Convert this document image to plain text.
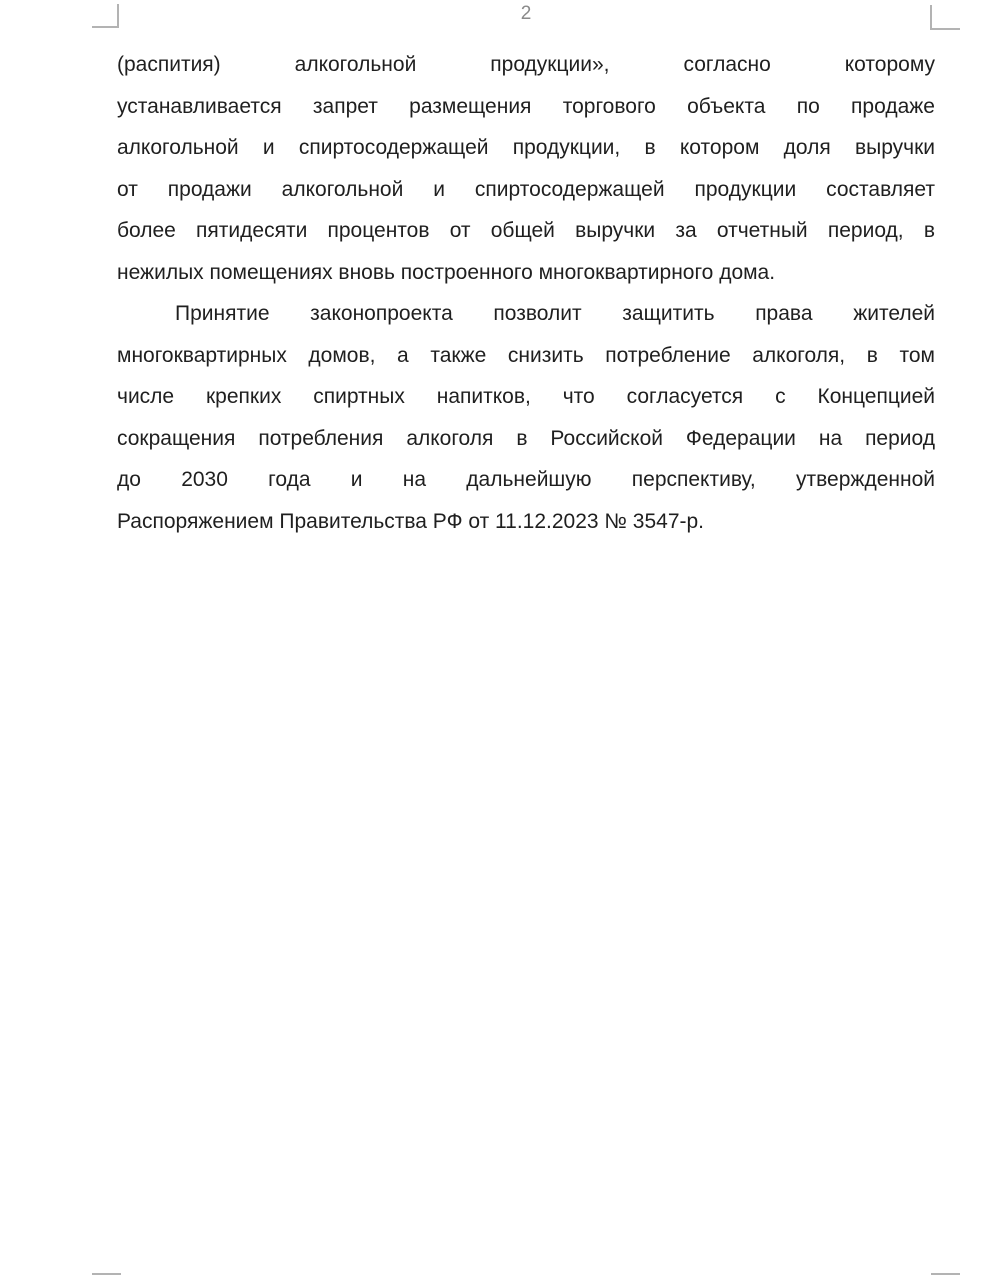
2
(распития) алкогольной продукции», согласно которому
устанавливается запрет размещения торгового объекта по продаже
алкогольной и спиртосодержащей продукции, в котором доля выручки
от продажи алкогольной и спиртосодержащей продукции составляет
более пятидесяти процентов от общей выручки за отчетный период, в
нежилых помещениях вновь построенного многоквартирного дома.
Принятие законопроекта позволит защитить права жителей
многоквартирных домов, а также снизить потребление алкоголя, в том
числе крепких спиртных напитков, что согласуется с Концепцией
сокращения потребления алкоголя в Российской Федерации на период
до 2030 года и на дальнейшую перспективу, утвержденной
Распоряжением Правительства РФ от 11.12.2023 № 3547-р.
